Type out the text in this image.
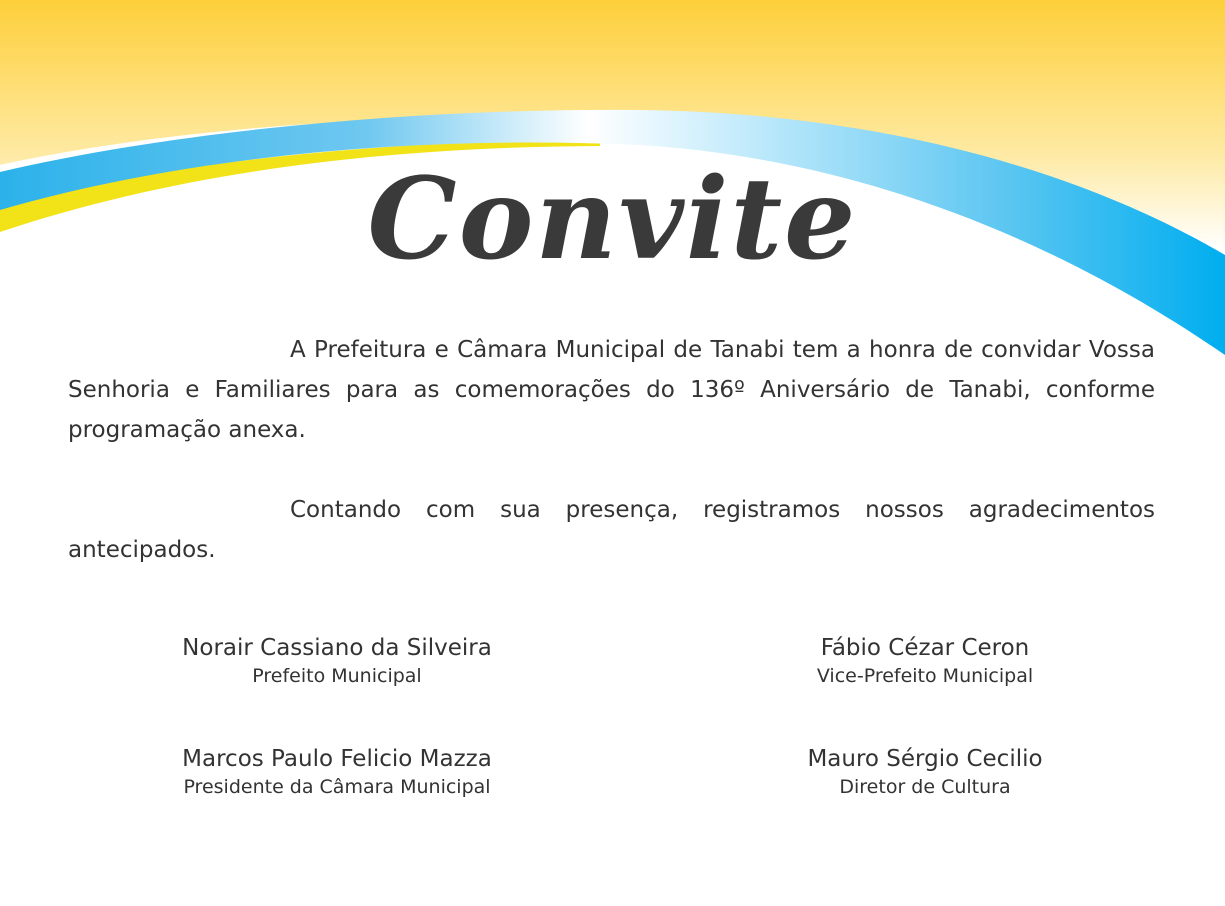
Convite

A Prefeitura e Câmara Municipal de Tanabi tem a honra de convidar Vossa Senhoria e Familiares para as comemorações do 136º Aniversário de Tanabi, conforme programação anexa.

Contando com sua presença, registramos nossos agradecimentos antecipados.

Norair Cassiano da Silveira
Prefeito Municipal
Fábio Cézar Ceron
Vice-Prefeito Municipal
Marcos Paulo Felicio Mazza
Presidente da Câmara Municipal
Mauro Sérgio Cecilio
Diretor de Cultura
